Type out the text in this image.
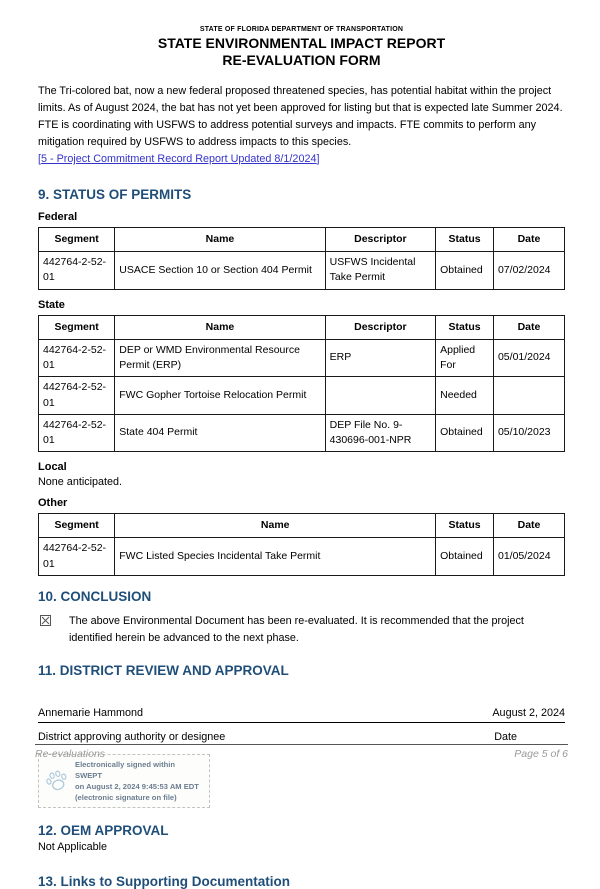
STATE OF FLORIDA DEPARTMENT OF TRANSPORTATION
STATE ENVIRONMENTAL IMPACT REPORT
RE-EVALUATION FORM
The Tri-colored bat, now a new federal proposed threatened species, has potential habitat within the project limits. As of August 2024, the bat has not yet been approved for listing but that is expected late Summer 2024. FTE is coordinating with USFWS to address potential surveys and impacts. FTE commits to perform any mitigation required by USFWS to address impacts to this species.
[5 - Project Commitment Record Report Updated 8/1/2024]
9. STATUS OF PERMITS
Federal
Segment	Name	Descriptor	Status	Date
442764-2-52-01	USACE Section 10 or Section 404 Permit	USFWS Incidental Take Permit	Obtained	07/02/2024
State
Segment	Name	Descriptor	Status	Date
442764-2-52-01	DEP or WMD Environmental Resource Permit (ERP)	ERP	Applied For	05/01/2024
442764-2-52-01	FWC Gopher Tortoise Relocation Permit		Needed	
442764-2-52-01	State 404 Permit	DEP File No. 9-430696-001-NPR	Obtained	05/10/2023
Local
None anticipated.
Other
Segment	Name	Status	Date
442764-2-52-01	FWC Listed Species Incidental Take Permit	Obtained	01/05/2024
10. CONCLUSION
The above Environmental Document has been re-evaluated. It is recommended that the project identified herein be advanced to the next phase.
11. DISTRICT REVIEW AND APPROVAL
Annemarie Hammond	August 2, 2024
District approving authority or designee	Date
Electronically signed within SWEPT
on August 2, 2024 9:45:53 AM EDT
(electronic signature on file)
12. OEM APPROVAL
Not Applicable
13. Links to Supporting Documentation
Re-evaluations	Page 5 of 6
